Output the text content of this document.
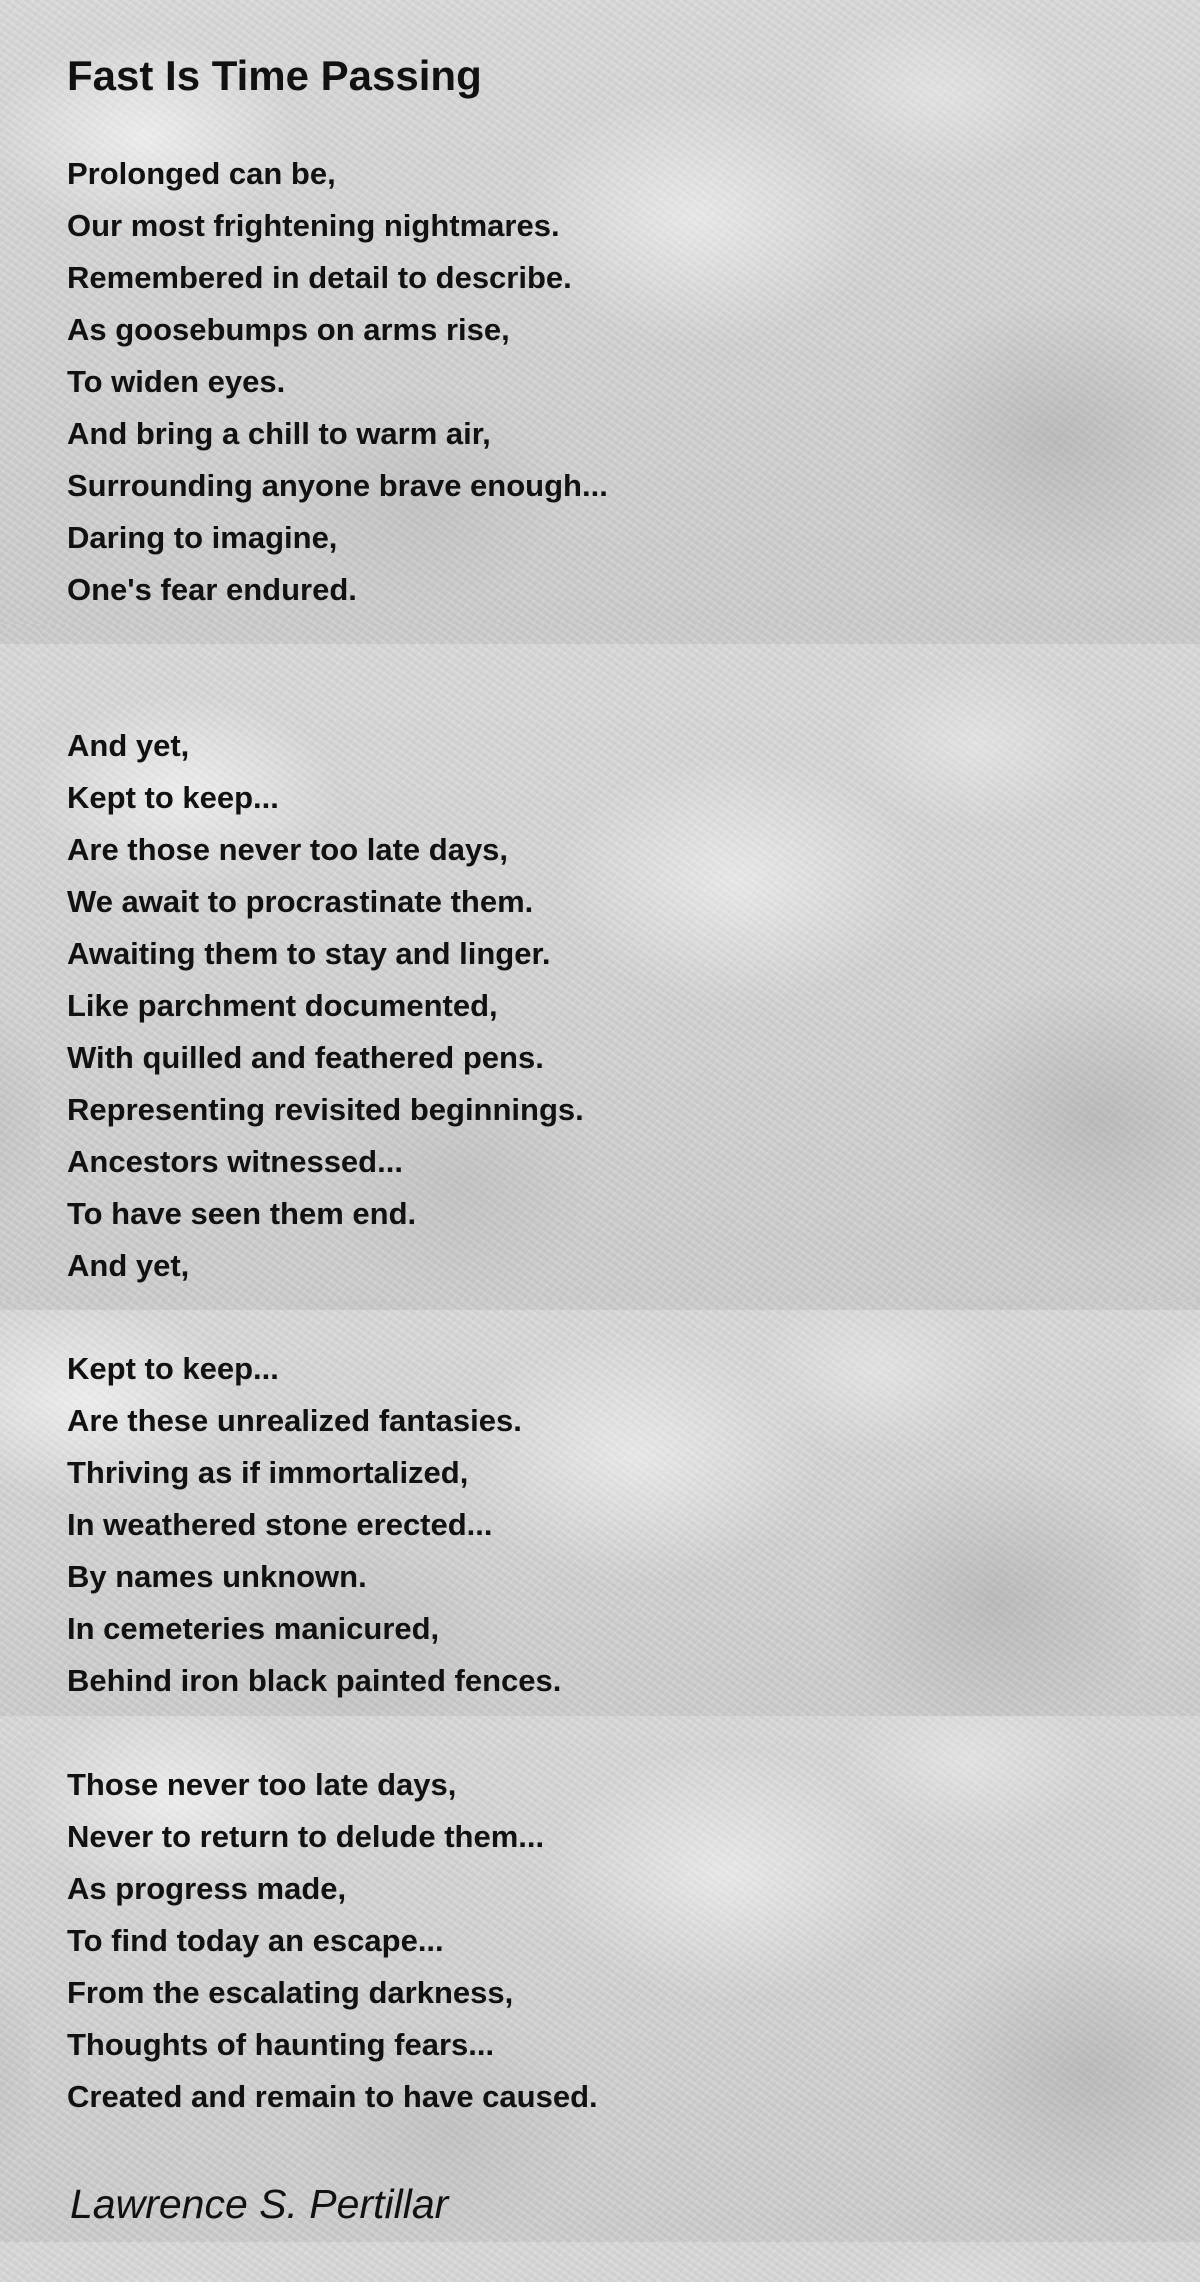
Fast Is Time Passing
Prolonged can be,
Our most frightening nightmares.
Remembered in detail to describe.
As goosebumps on arms rise,
To widen eyes.
And bring a chill to warm air,
Surrounding anyone brave enough...
Daring to imagine,
One's fear endured.
And yet,
Kept to keep...
Are those never too late days,
We await to procrastinate them.
Awaiting them to stay and linger.
Like parchment documented,
With quilled and feathered pens.
Representing revisited beginnings.
Ancestors witnessed...
To have seen them end.
And yet,
Kept to keep...
Are these unrealized fantasies.
Thriving as if immortalized,
In weathered stone erected...
By names unknown.
In cemeteries manicured,
Behind iron black painted fences.
Those never too late days,
Never to return to delude them...
As progress made,
To find today an escape...
From the escalating darkness,
Thoughts of haunting fears...
Created and remain to have caused.

Lawrence S. Pertillar
